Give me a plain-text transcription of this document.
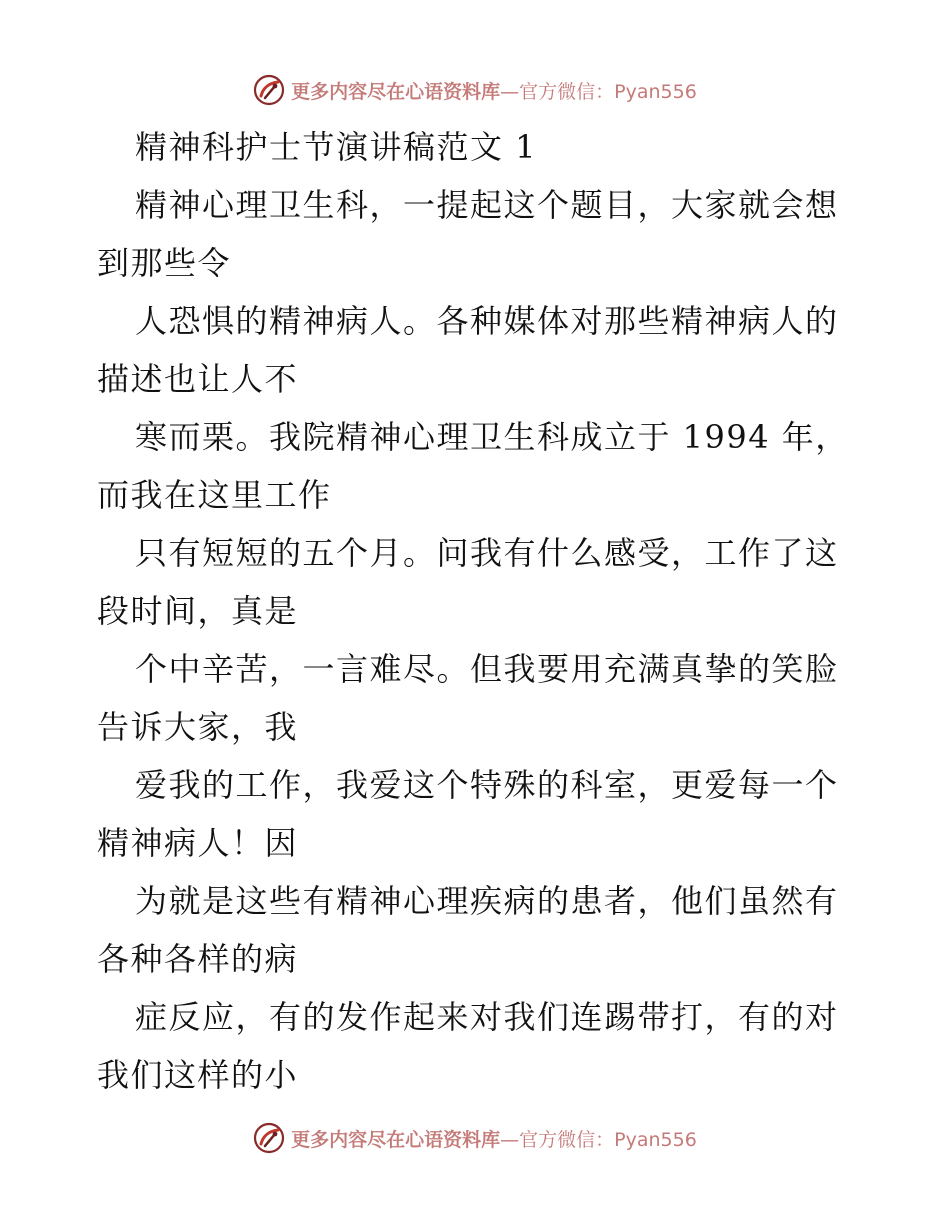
更多内容尽在心语资料库—官方微信：Pyan556
精神科护士节演讲稿范文 1
精神心理卫生科，一提起这个题目，大家就会想
到那些令
人恐惧的精神病人。各种媒体对那些精神病人的
描述也让人不
寒而栗。我院精神心理卫生科成立于 1994 年，
而我在这里工作
只有短短的五个月。问我有什么感受，工作了这
段时间，真是
个中辛苦，一言难尽。但我要用充满真挚的笑脸
告诉大家，我
爱我的工作，我爱这个特殊的科室，更爱每一个
精神病人！因
为就是这些有精神心理疾病的患者，他们虽然有
各种各样的病
症反应，有的发作起来对我们连踢带打，有的对
我们这样的小
更多内容尽在心语资料库—官方微信：Pyan556
